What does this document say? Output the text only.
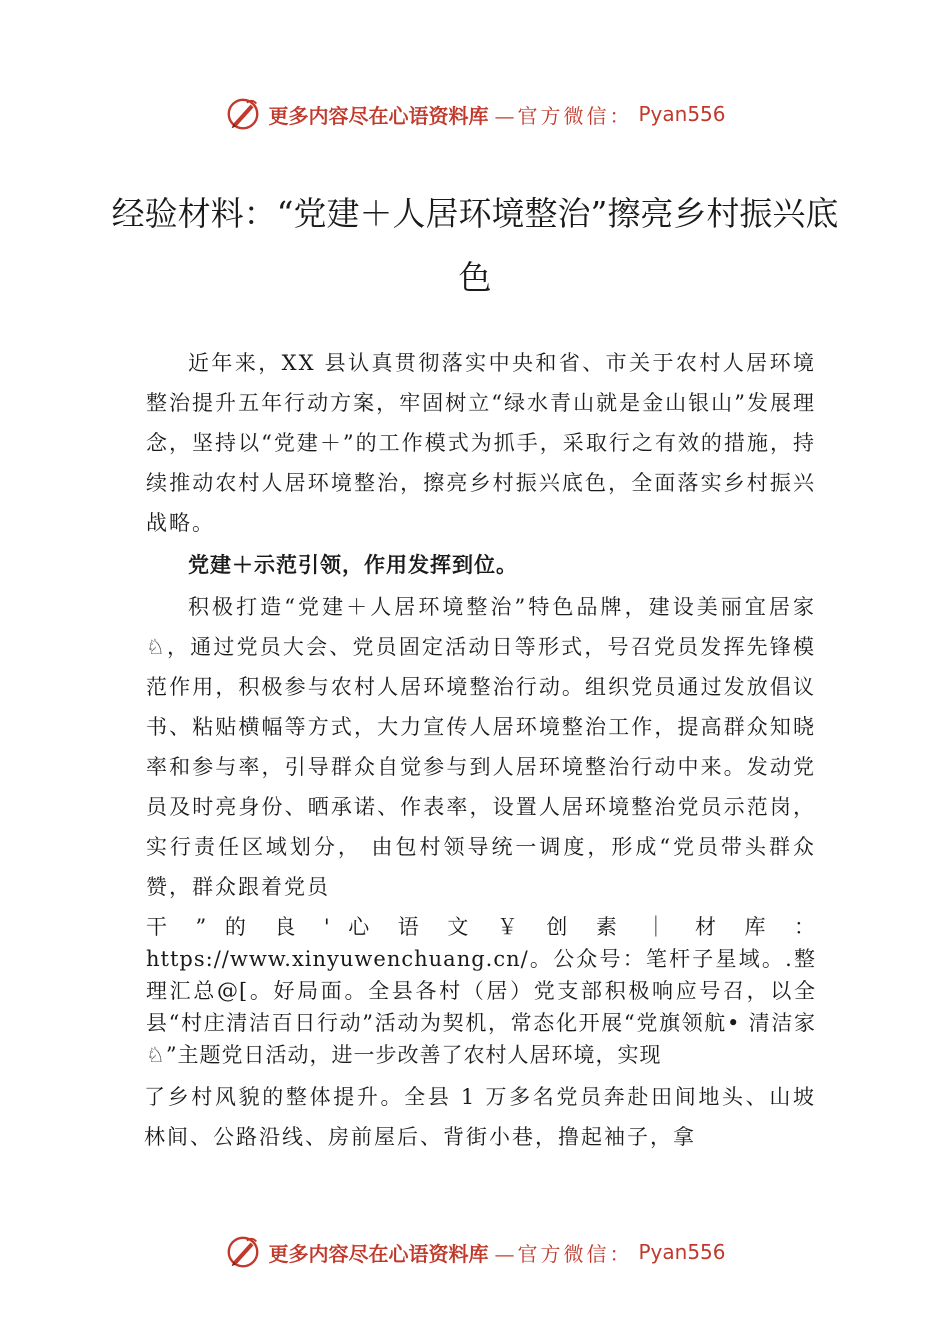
更多内容尽在心语资料库 —官方微信： Pyan556
经验材料：“党建＋人居环境整治”擦亮乡村振兴底色

近年来，XX 县认真贯彻落实中央和省、市关于农村人居环境整治提升五年行动方案，牢固树立“绿水青山就是金山银山”发展理念，坚持以“党建＋”的工作模式为抓手，采取行之有效的措施，持续推动农村人居环境整治，擦亮乡村振兴底色，全面落实乡村振兴战略。

党建＋示范引领，作用发挥到位。

积极打造“党建＋人居环境整治”特色品牌，建设美丽宜居家♘，通过党员大会、党员固定活动日等形式，号召党员发挥先锋模范作用，积极参与农村人居环境整治行动。组织党员通过发放倡议书、粘贴横幅等方式，大力宣传人居环境整治工作，提高群众知晓率和参与率，引导群众自觉参与到人居环境整治行动中来。发动党员及时亮身份、晒承诺、作表率，设置人居环境整治党员示范岗，实行责任区域划分， 由包村领导统一调度，形成“党员带头群众赞，群众跟着党员

干 ” 的 良 ' 心 语 文 ￥ 创 素 ｜ 材 库 ： https://www.xinyuwenchuang.cn/。公众号：笔杆子星域。.整理汇总@[。好局面。全县各村（居）党支部积极响应号召，以全 县“村庄清洁百日行动”活动为契机，常态化开展“党旗领航• 清洁家♘”主题党日活动，进一步改善了农村人居环境，实现

了乡村风貌的整体提升。全县 1 万多名党员奔赴田间地头、山坡林间、公路沿线、房前屋后、背街小巷，撸起袖子，拿

更多内容尽在心语资料库 —官方微信： Pyan556
